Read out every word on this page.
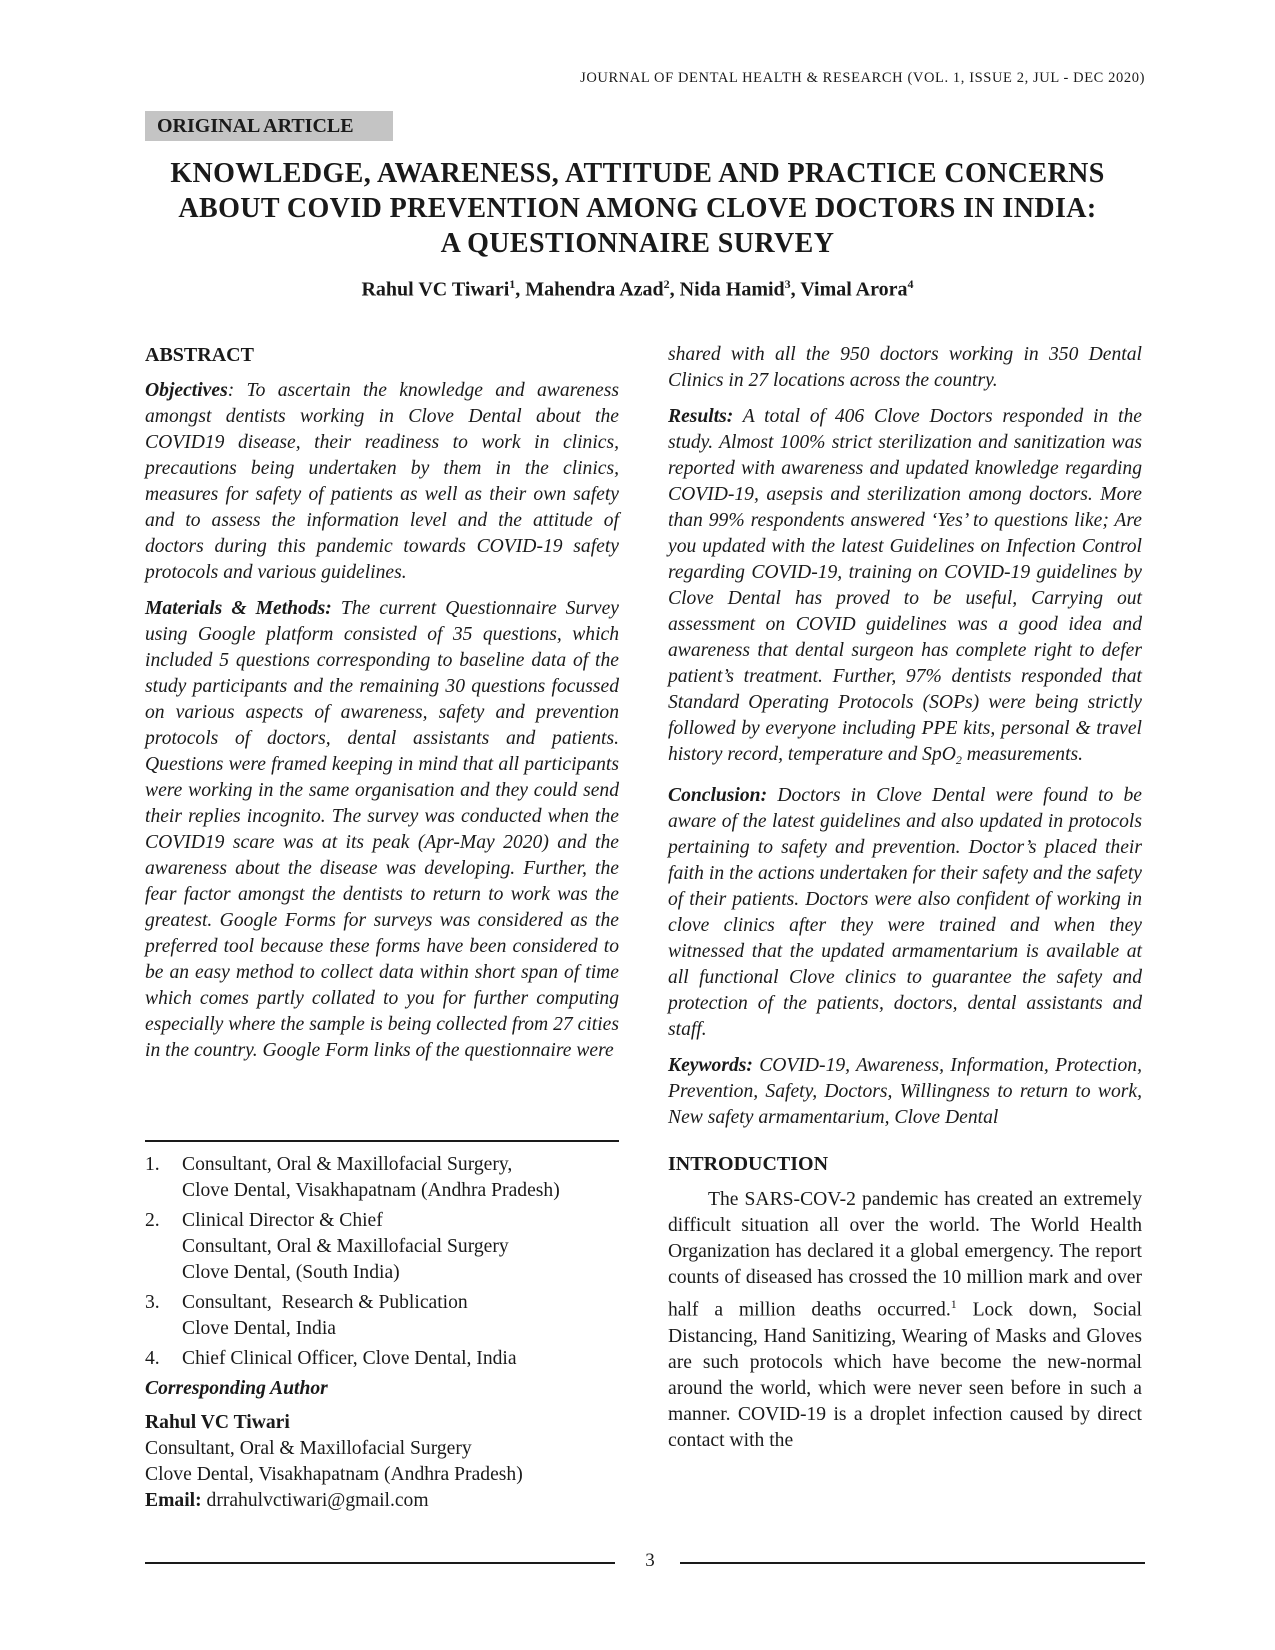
JOURNAL OF DENTAL HEALTH & RESEARCH (VOL. 1, ISSUE 2, JUL - DEC 2020)
ORIGINAL ARTICLE
KNOWLEDGE, AWARENESS, ATTITUDE AND PRACTICE CONCERNS
ABOUT COVID PREVENTION AMONG CLOVE DOCTORS IN INDIA:
A QUESTIONNAIRE SURVEY
Rahul VC Tiwari$^1$, Mahendra Azad$^2$, Nida Hamid$^3$, Vimal Arora$^4$
ABSTRACT

Objectives: To ascertain the knowledge and awareness amongst dentists working in Clove Dental about the COVID19 disease, their readiness to work in clinics, precautions being undertaken by them in the clinics, measures for safety of patients as well as their own safety and to assess the information level and the attitude of doctors during this pandemic towards COVID-19 safety protocols and various guidelines.

Materials & Methods: The current Questionnaire Survey using Google platform consisted of 35 questions, which included 5 questions corresponding to baseline data of the study participants and the remaining 30 questions focussed on various aspects of awareness, safety and prevention protocols of doctors, dental assistants and patients. Questions were framed keeping in mind that all participants were working in the same organisation and they could send their replies incognito. The survey was conducted when the COVID19 scare was at its peak (Apr-May 2020) and the awareness about the disease was developing. Further, the fear factor amongst the dentists to return to work was the greatest. Google Forms for surveys was considered as the preferred tool because these forms have been considered to be an easy method to collect data within short span of time which comes partly collated to you for further computing especially where the sample is being collected from 27 cities in the country. Google Form links of the questionnaire were

1.	Consultant, Oral & Maxillofacial Surgery,
Clove Dental, Visakhapatnam (Andhra Pradesh)
2.	Clinical Director & Chief
Consultant, Oral & Maxillofacial Surgery
Clove Dental, (South India)
3.	Consultant,  Research & Publication
Clove Dental, India
4.	Chief Clinical Officer, Clove Dental, India
Corresponding Author
Rahul VC Tiwari
Consultant, Oral & Maxillofacial Surgery
Clove Dental, Visakhapatnam (Andhra Pradesh)
Email: drrahulvctiwari@gmail.com

shared with all the 950 doctors working in 350 Dental Clinics in 27 locations across the country.

Results: A total of 406 Clove Doctors responded in the study. Almost 100% strict sterilization and sanitization was reported with awareness and updated knowledge regarding COVID-19, asepsis and sterilization among doctors. More than 99% respondents answered ‘Yes’ to questions like; Are you updated with the latest Guidelines on Infection Control regarding COVID-19, training on COVID-19 guidelines by Clove Dental has proved to be useful, Carrying out assessment on COVID guidelines was a good idea and awareness that dental surgeon has complete right to defer patient’s treatment. Further, 97% dentists responded that Standard Operating Protocols (SOPs) were being strictly followed by everyone including PPE kits, personal & travel history record, temperature and SpO$_2$ measurements.

Conclusion: Doctors in Clove Dental were found to be aware of the latest guidelines and also updated in protocols pertaining to safety and prevention. Doctor’s placed their faith in the actions undertaken for their safety and the safety of their patients. Doctors were also confident of working in clove clinics after they were trained and when they witnessed that the updated armamentarium is available at all functional Clove clinics to guarantee the safety and protection of the patients, doctors, dental assistants and staff.

Keywords: COVID-19, Awareness, Information, Protection, Prevention, Safety, Doctors, Willingness to return to work, New safety armamentarium, Clove Dental

INTRODUCTION

The SARS-COV-2 pandemic has created an extremely difficult situation all over the world. The World Health Organization has declared it a global emergency. The report counts of diseased has crossed the 10 million mark and over half a million deaths occurred.$^1$ Lock down, Social Distancing, Hand Sanitizing, Wearing of Masks and Gloves are such protocols which have become the new-normal around the world, which were never seen before in such a manner. COVID-19 is a droplet infection caused by direct contact with the

3
